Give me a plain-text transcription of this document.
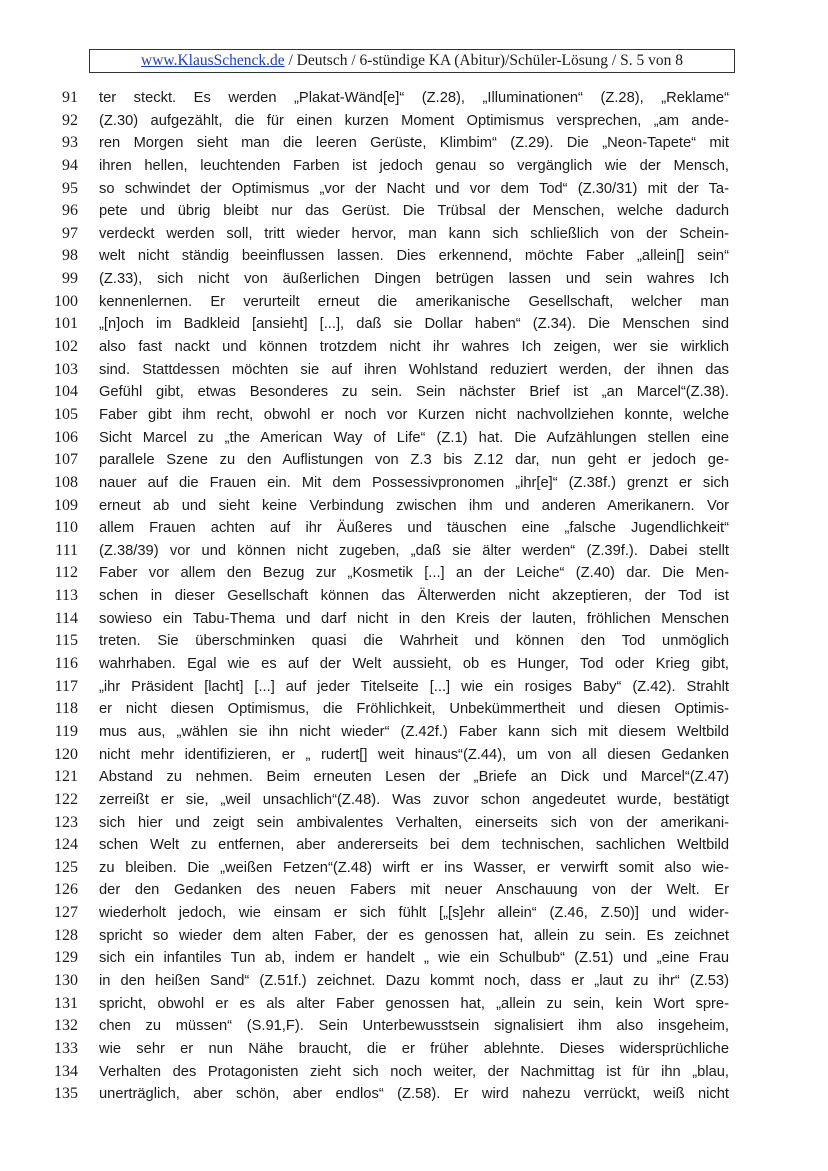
www.KlausSchenck.de / Deutsch / 6-stündige KA (Abitur)/Schüler-Lösung / S. 5 von 8
91 ter steckt. Es werden „Plakat-Wänd[e]“ (Z.28), „Illuminationen“ (Z.28), „Reklame“
92 (Z.30) aufgezählt, die für einen kurzen Moment Optimismus versprechen, „am ande-
93 ren Morgen sieht man die leeren Gerüste, Klimbim“ (Z.29). Die „Neon-Tapete“ mit
94 ihren hellen, leuchtenden Farben ist jedoch genau so vergänglich wie der Mensch,
95 so schwindet der Optimismus „vor der Nacht und vor dem Tod“ (Z.30/31) mit der Ta-
96 pete und übrig bleibt nur das Gerüst. Die Trübsal der Menschen, welche dadurch
97 verdeckt werden soll, tritt wieder hervor, man kann sich schließlich von der Schein-
98 welt nicht ständig beeinflussen lassen. Dies erkennend, möchte Faber „allein[] sein“
99 (Z.33), sich nicht von äußerlichen Dingen betrügen lassen und sein wahres Ich
100 kennenlernen. Er verurteilt erneut die amerikanische Gesellschaft, welcher man
101 „[n]och im Badkleid [ansieht] [...], daß sie Dollar haben“ (Z.34). Die Menschen sind
102 also fast nackt und können trotzdem nicht ihr wahres Ich zeigen, wer sie wirklich
103 sind. Stattdessen möchten sie auf ihren Wohlstand reduziert werden, der ihnen das
104 Gefühl gibt, etwas Besonderes zu sein. Sein nächster Brief ist „an Marcel“(Z.38).
105 Faber gibt ihm recht, obwohl er noch vor Kurzen nicht nachvollziehen konnte, welche
106 Sicht Marcel zu „the American Way of Life“ (Z.1) hat. Die Aufzählungen stellen eine
107 parallele Szene zu den Auflistungen von Z.3 bis Z.12 dar, nun geht er jedoch ge-
108 nauer auf die Frauen ein. Mit dem Possessivpronomen „ihr[e]“ (Z.38f.) grenzt er sich
109 erneut ab und sieht keine Verbindung zwischen ihm und anderen Amerikanern. Vor
110 allem Frauen achten auf ihr Äußeres und täuschen eine „falsche Jugendlichkeit“
111 (Z.38/39) vor und können nicht zugeben, „daß sie älter werden“ (Z.39f.). Dabei stellt
112 Faber vor allem den Bezug zur „Kosmetik [...] an der Leiche“ (Z.40) dar. Die Men-
113 schen in dieser Gesellschaft können das Älterwerden nicht akzeptieren, der Tod ist
114 sowieso ein Tabu-Thema und darf nicht in den Kreis der lauten, fröhlichen Menschen
115 treten. Sie überschminken quasi die Wahrheit und können den Tod unmöglich
116 wahrhaben. Egal wie es auf der Welt aussieht, ob es Hunger, Tod oder Krieg gibt,
117 „ihr Präsident [lacht] [...] auf jeder Titelseite [...] wie ein rosiges Baby“ (Z.42). Strahlt
118 er nicht diesen Optimismus, die Fröhlichkeit, Unbekümmertheit und diesen Optimis-
119 mus aus, „wählen sie ihn nicht wieder“ (Z.42f.) Faber kann sich mit diesem Weltbild
120 nicht mehr identifizieren, er „ rudert[] weit hinaus“(Z.44), um von all diesen Gedanken
121 Abstand zu nehmen. Beim erneuten Lesen der „Briefe an Dick und Marcel“(Z.47)
122 zerreißt er sie, „weil unsachlich“(Z.48). Was zuvor schon angedeutet wurde, bestätigt
123 sich hier und zeigt sein ambivalentes Verhalten, einerseits sich von der amerikani-
124 schen Welt zu entfernen, aber andererseits bei dem technischen, sachlichen Weltbild
125 zu bleiben. Die „weißen Fetzen“(Z.48) wirft er ins Wasser, er verwirft somit also wie-
126 der den Gedanken des neuen Fabers mit neuer Anschauung von der Welt. Er
127 wiederholt jedoch, wie einsam er sich fühlt [„[s]ehr allein“ (Z.46, Z.50)] und wider-
128 spricht so wieder dem alten Faber, der es genossen hat, allein zu sein. Es zeichnet
129 sich ein infantiles Tun ab, indem er handelt „ wie ein Schulbub“ (Z.51) und „eine Frau
130 in den heißen Sand“ (Z.51f.) zeichnet. Dazu kommt noch, dass er „laut zu ihr“ (Z.53)
131 spricht, obwohl er es als alter Faber genossen hat, „allein zu sein, kein Wort spre-
132 chen zu müssen“ (S.91,F). Sein Unterbewusstsein signalisiert ihm also insgeheim,
133 wie sehr er nun Nähe braucht, die er früher ablehnte. Dieses widersprüchliche
134 Verhalten des Protagonisten zieht sich noch weiter, der Nachmittag ist für ihn „blau,
135 unerträglich, aber schön, aber endlos“ (Z.58). Er wird nahezu verrückt, weiß nicht
